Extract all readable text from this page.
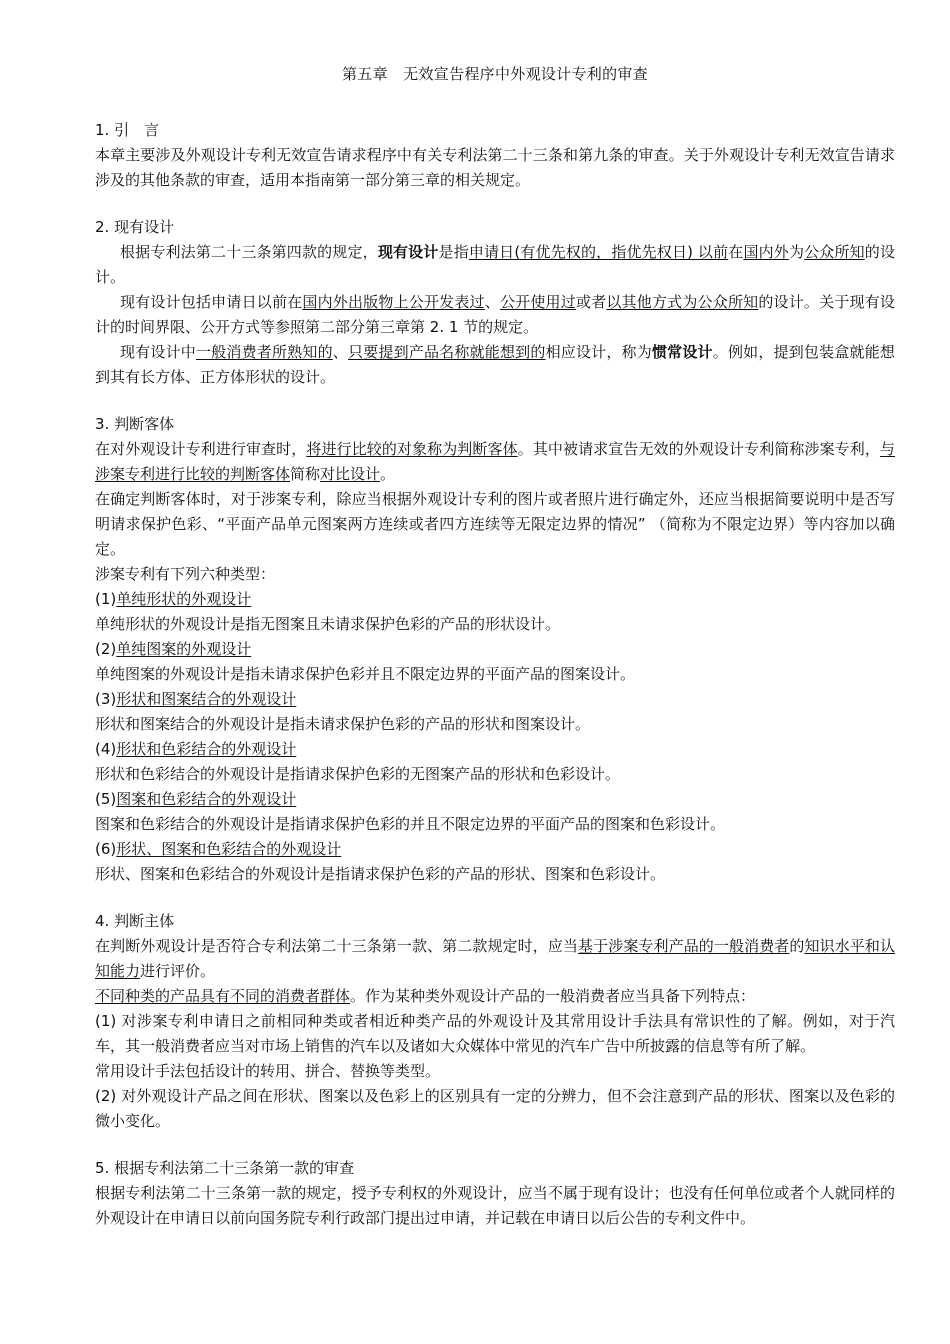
第五章　无效宣告程序中外观设计专利的审查

1. 引　言

本章主要涉及外观设计专利无效宣告请求程序中有关专利法第二十三条和第九条的审查。关于外观设计专利无效宣告请求涉及的其他条款的审查，适用本指南第一部分第三章的相关规定。

2. 现有设计

根据专利法第二十三条第四款的规定，现有设计是指申请日(有优先权的，指优先权日) 以前在国内外为公众所知的设计。

现有设计包括申请日以前在国内外出版物上公开发表过、公开使用过或者以其他方式为公众所知的设计。关于现有设计的时间界限、公开方式等参照第二部分第三章第 2. 1 节的规定。

现有设计中一般消费者所熟知的、只要提到产品名称就能想到的相应设计，称为惯常设计。例如，提到包装盒就能想到其有长方体、正方体形状的设计。

3. 判断客体

在对外观设计专利进行审查时，将进行比较的对象称为判断客体。其中被请求宣告无效的外观设计专利简称涉案专利，与涉案专利进行比较的判断客体简称对比设计。

在确定判断客体时，对于涉案专利，除应当根据外观设计专利的图片或者照片进行确定外，还应当根据简要说明中是否写明请求保护色彩、“平面产品单元图案两方连续或者四方连续等无限定边界的情况” （简称为不限定边界）等内容加以确定。

涉案专利有下列六种类型：

(1)单纯形状的外观设计

单纯形状的外观设计是指无图案且未请求保护色彩的产品的形状设计。

(2)单纯图案的外观设计

单纯图案的外观设计是指未请求保护色彩并且不限定边界的平面产品的图案设计。

(3)形状和图案结合的外观设计

形状和图案结合的外观设计是指未请求保护色彩的产品的形状和图案设计。

(4)形状和色彩结合的外观设计

形状和色彩结合的外观设计是指请求保护色彩的无图案产品的形状和色彩设计。

(5)图案和色彩结合的外观设计

图案和色彩结合的外观设计是指请求保护色彩的并且不限定边界的平面产品的图案和色彩设计。

(6)形状、图案和色彩结合的外观设计

形状、图案和色彩结合的外观设计是指请求保护色彩的产品的形状、图案和色彩设计。

4. 判断主体

在判断外观设计是否符合专利法第二十三条第一款、第二款规定时，应当基于涉案专利产品的一般消费者的知识水平和认知能力进行评价。

不同种类的产品具有不同的消费者群体。作为某种类外观设计产品的一般消费者应当具备下列特点：

(1) 对涉案专利申请日之前相同种类或者相近种类产品的外观设计及其常用设计手法具有常识性的了解。例如，对于汽车，其一般消费者应当对市场上销售的汽车以及诸如大众媒体中常见的汽车广告中所披露的信息等有所了解。

常用设计手法包括设计的转用、拼合、替换等类型。

(2) 对外观设计产品之间在形状、图案以及色彩上的区别具有一定的分辨力，但不会注意到产品的形状、图案以及色彩的微小变化。

5. 根据专利法第二十三条第一款的审查

根据专利法第二十三条第一款的规定，授予专利权的外观设计，应当不属于现有设计；也没有任何单位或者个人就同样的外观设计在申请日以前向国务院专利行政部门提出过申请，并记载在申请日以后公告的专利文件中。
